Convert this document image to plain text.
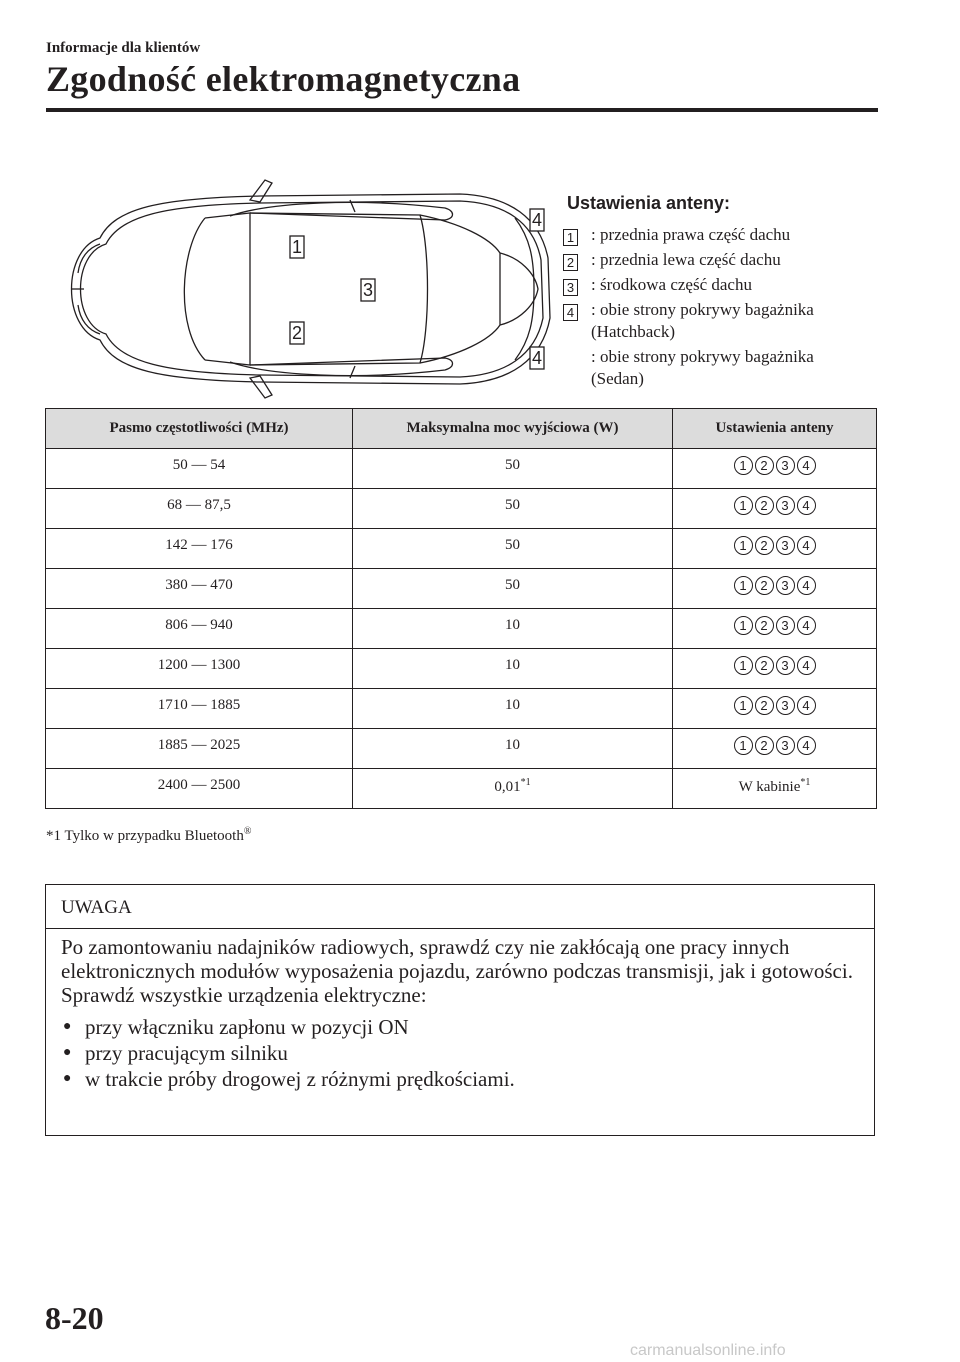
Informacje dla klientów
Zgodność elektromagnetyczna
1
2
3
4
4
Ustawienia anteny:
1 : przednia prawa część dachu
2 : przednia lewa część dachu
3 : środkowa część dachu
4 : obie strony pokrywy bagażnika (Hatchback)
: obie strony pokrywy bagażnika (Sedan)
Pasmo częstotliwości (MHz)	Maksymalna moc wyjściowa (W)	Ustawienia anteny
50 — 54	50	1 2 3 4

68 — 87,5	50	1 2 3 4

142 — 176	50	1 2 3 4

380 — 470	50	1 2 3 4

806 — 940	10	1 2 3 4

1200 — 1300	10	1 2 3 4

1710 — 1885	10	1 2 3 4

1885 — 2025	10	1 2 3 4

2400 — 2500	0,01$^{*1}$	W kabinie$^{*1}$
*1 Tylko w przypadku Bluetooth®
UWAGA

Po zamontowaniu nadajników radiowych, sprawdź czy nie zakłócają one pracy innych elektronicznych modułów wyposażenia pojazdu, zarówno podczas transmisji, jak i gotowości.

Sprawdź wszystkie urządzenia elektryczne:

● przy włączniku zapłonu w pozycji ON
● przy pracującym silniku
● w trakcie próby drogowej z różnymi prędkościami.
8-20
carmanualsonline.info
